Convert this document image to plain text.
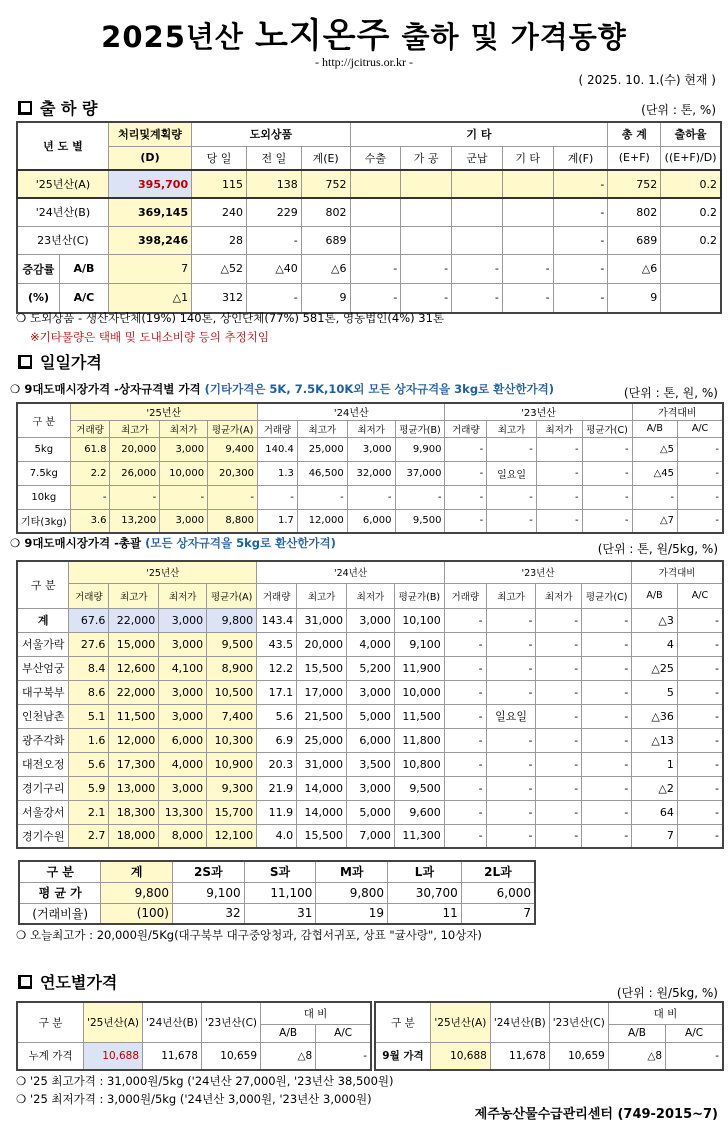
2025년산 노지온주 출하 및 가격동향
- http://jcitrus.or.kr -
( 2025. 10. 1.(수) 현재 )
출 하 량	(단위 : 톤, %)
년 도 별	처리및계획량	도외상품			기 타					총 계	출하율
	(D)	당 일	전 일	계(E)	수출	가 공	군납	기 타	계(F)	(E+F)	((E+F)/D)
'25년산(A)	395,700	115	138	752					-	752	0.2
'24년산(B)	369,145	240	229	802					-	802	0.2
23년산(C)	398,246	28	-	689					-	689	0.2

증감률 A/B	7	△52	△40	△6	-	-	-	-	-	△6	

(%) A/C	△1	312	-	9	-	-	-	-	-	9	
❍ 도외상품 - 생산자단체(19%) 140톤, 상인단체(77%) 581톤, 영농법인(4%) 31톤
※기타물량은 택배 및 도내소비량 등의 추정치임
일일가격
❍ 9대도매시장가격 -상자규격별 가격 (기타가격은 5K, 7.5K,10K외 모든 상자규격을 3kg로 환산한가격)	(단위 : 톤, 원, %)
구 분	'25년산				'24년산				'23년산				가격대비	
	거래량	최고가	최저가	평균가(A)	거래량	최고가	최저가	평균가(B)	거래량	최고가	최저가	평균가(C)	A/B	A/C
5kg	61.8	20,000	3,000	9,400	140.4	25,000	3,000	9,900	-	-	-	-	△5	-
7.5kg	2.2	26,000	10,000	20,300	1.3	46,500	32,000	37,000	-	일요일	-	-	△45	-
10kg	-	-	-	-	-	-	-	-	-	-	-	-	-	-
기타(3kg)	3.6	13,200	3,000	8,800	1.7	12,000	6,000	9,500	-	-	-	-	△7	-
❍ 9대도매시장가격 -총괄 (모든 상자규격을 5kg로 환산한가격)	(단위 : 톤, 원/5kg, %)
구 분	'25년산				'24년산				'23년산				가격대비	
	거래량	최고가	최저가	평균가(A)	거래량	최고가	최저가	평균가(B)	거래량	최고가	최저가	평균가(C)	A/B	A/C
계	67.6	22,000	3,000	9,800	143.4	31,000	3,000	10,100	-	-	-	-	△3	-
서울가락	27.6	15,000	3,000	9,500	43.5	20,000	4,000	9,100	-	-	-	-	4	-
부산엄궁	8.4	12,600	4,100	8,900	12.2	15,500	5,200	11,900	-	-	-	-	△25	-
대구북부	8.6	22,000	3,000	10,500	17.1	17,000	3,000	10,000	-	-	-	-	5	-
인천남촌	5.1	11,500	3,000	7,400	5.6	21,500	5,000	11,500	-	일요일	-	-	△36	-
광주각화	1.6	12,000	6,000	10,300	6.9	25,000	6,000	11,800	-	-	-	-	△13	-
대전오정	5.6	17,300	4,000	10,900	20.3	31,000	3,500	10,800	-	-	-	-	1	-
경기구리	5.9	13,000	3,000	9,300	21.9	14,000	3,000	9,500	-	-	-	-	△2	-
서울강서	2.1	18,300	13,300	15,700	11.9	14,000	5,000	9,600	-	-	-	-	64	-
경기수원	2.7	18,000	8,000	12,100	4.0	15,500	7,000	11,300	-	-	-	-	7	-
구 분	계	2S과	S과	M과	L과	2L과
평 균 가	9,800	9,100	11,100	9,800	30,700	6,000
(거래비율)	(100)	32	31	19	11	7
❍ 오늘최고가 : 20,000원/5Kg(대구북부 대구중앙청과, 감협서귀포, 상표 "귤사랑", 10상자)
연도별가격
(단위 : 원/5kg, %)
구 분	'25년산(A)	'24년산(B)	'23년산(C)	대 비	
				A/B	A/C
누계 가격	10,688	11,678	10,659	△8	-
구 분	'25년산(A)	'24년산(B)	'23년산(C)	대 비	
				A/B	A/C
9월 가격	10,688	11,678	10,659	△8	-
❍ '25 최고가격 : 31,000원/5kg ('24년산 27,000원, '23년산 38,500원)
❍ '25 최저가격 : 3,000원/5kg ('24년산 3,000원, '23년산 3,000원)
제주농산물수급관리센터 (749-2015~7)
